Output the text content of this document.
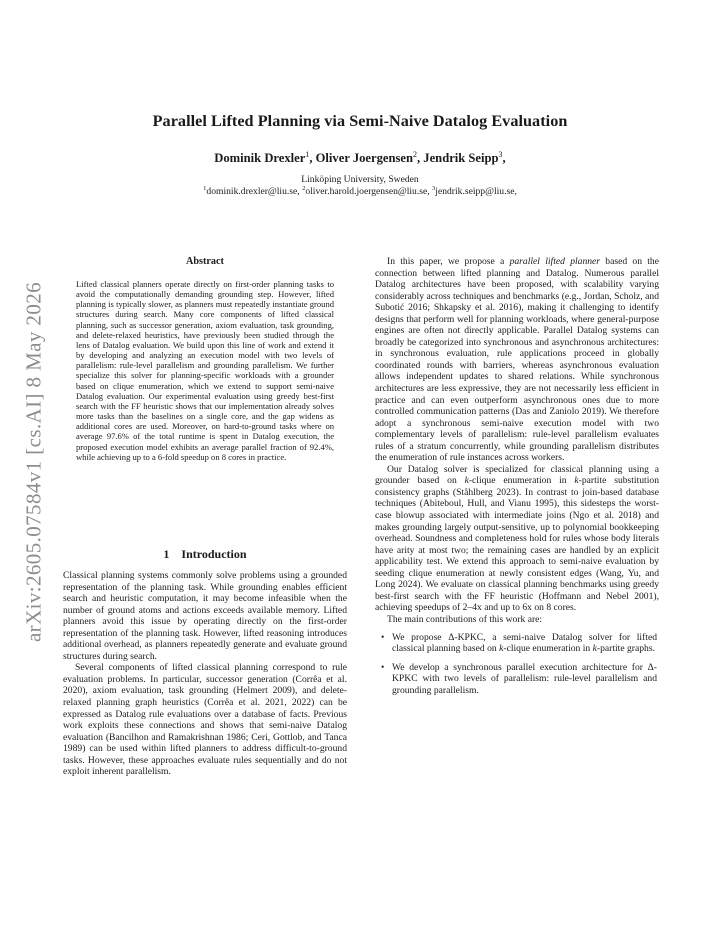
arXiv:2605.07584v1 [cs.AI] 8 May 2026
Parallel Lifted Planning via Semi-Naive Datalog Evaluation
Dominik Drexler$^1$, Oliver Joergensen$^2$, Jendrik Seipp$^3$,
Linköping University, Sweden
$^1$dominik.drexler@liu.se, $^2$oliver.harold.joergensen@liu.se, $^3$jendrik.seipp@liu.se,
Abstract
Lifted classical planners operate directly on first-order planning tasks to avoid the computationally demanding grounding step. However, lifted planning is typically slower, as planners must repeatedly instantiate ground structures during search. Many core components of lifted classical planning, such as successor generation, axiom evaluation, task grounding, and delete-relaxed heuristics, have previously been studied through the lens of Datalog evaluation. We build upon this line of work and extend it by developing and analyzing an execution model with two levels of parallelism: rule-level parallelism and grounding parallelism. We further specialize this solver for planning-specific workloads with a grounder based on clique enumeration, which we extend to support semi-naive Datalog evaluation. Our experimental evaluation using greedy best-first search with the FF heuristic shows that our implementation already solves more tasks than the baselines on a single core, and the gap widens as additional cores are used. Moreover, on hard-to-ground tasks where on average 97.6% of the total runtime is spent in Datalog execution, the proposed execution model exhibits an average parallel fraction of 92.4%, while achieving up to a 6-fold speedup on 8 cores in practice.
1 Introduction

Classical planning systems commonly solve problems using a grounded representation of the planning task. While grounding enables efficient search and heuristic computation, it may become infeasible when the number of ground atoms and actions exceeds available memory. Lifted planners avoid this issue by operating directly on the first-order representation of the planning task. However, lifted reasoning introduces additional overhead, as planners repeatedly generate and evaluate ground structures during search.

Several components of lifted classical planning correspond to rule evaluation problems. In particular, successor generation (Corrêa et al. 2020), axiom evaluation, task grounding (Helmert 2009), and delete-relaxed planning graph heuristics (Corrêa et al. 2021, 2022) can be expressed as Datalog rule evaluations over a database of facts. Previous work exploits these connections and shows that semi-naive Datalog evaluation (Bancilhon and Ramakrishnan 1986; Ceri, Gottlob, and Tanca 1989) can be used within lifted planners to address difficult-to-ground tasks. However, these approaches evaluate rules sequentially and do not exploit inherent parallelism.

In this paper, we propose a parallel lifted planner based on the connection between lifted planning and Datalog. Numerous parallel Datalog architectures have been proposed, with scalability varying considerably across techniques and benchmarks (e.g., Jordan, Scholz, and Subotić 2016; Shkapsky et al. 2016), making it challenging to identify designs that perform well for planning workloads, where general-purpose engines are often not directly applicable. Parallel Datalog systems can broadly be categorized into synchronous and asynchronous architectures: in synchronous evaluation, rule applications proceed in globally coordinated rounds with barriers, whereas asynchronous evaluation allows independent updates to shared relations. While synchronous architectures are less expressive, they are not necessarily less efficient in practice and can even outperform asynchronous ones due to more controlled communication patterns (Das and Zaniolo 2019). We therefore adopt a synchronous semi-naive execution model with two complementary levels of parallelism: rule-level parallelism evaluates rules of a stratum concurrently, while grounding parallelism distributes the enumeration of rule instances across workers.

Our Datalog solver is specialized for classical planning using a grounder based on k-clique enumeration in k-partite substitution consistency graphs (Ståhlberg 2023). In contrast to join-based database techniques (Abiteboul, Hull, and Vianu 1995), this sidesteps the worst-case blowup associated with intermediate joins (Ngo et al. 2018) and makes grounding largely output-sensitive, up to polynomial bookkeeping overhead. Soundness and completeness hold for rules whose body literals have arity at most two; the remaining cases are handled by an explicit applicability test. We extend this approach to semi-naive evaluation by seeding clique enumeration at newly consistent edges (Wang, Yu, and Long 2024). We evaluate on classical planning benchmarks using greedy best-first search with the FF heuristic (Hoffmann and Nebel 2001), achieving speedups of 2–4x and up to 6x on 8 cores.

The main contributions of this work are:

• We propose Δ-KPKC, a semi-naive Datalog solver for lifted classical planning based on k-clique enumeration in k-partite graphs.
• We develop a synchronous parallel execution architecture for Δ-KPKC with two levels of parallelism: rule-level parallelism and grounding parallelism.
